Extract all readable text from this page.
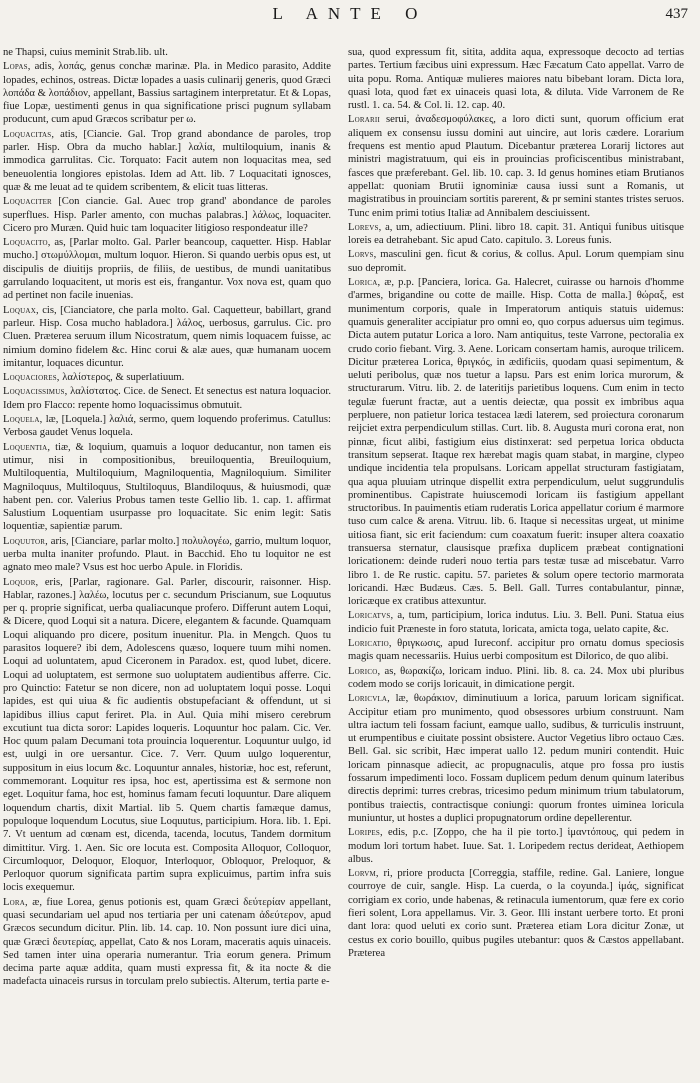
L ANTE O	437

ne Thapsi, cuius meminit Strab.lib. ult.

Lopas, adis, λοπάς, genus conchæ marinæ. Pla. in Medico parasito, Addite lopades, echinos, ostreas. Dictæ lopades a uasis culinarij generis, quod Græci λοπάδα & λοπάδιον, appellant, Bassius sartaginem interpretatur. Et & Lopas, fiue Lopæ, uestimenti genus in qua significatione prisci pugnum syllabam producunt, cum apud Græcos scribatur per ω.

Loquacitas, atis, [Ciancie. Gal. Trop grand abondance de paroles, trop parler. Hisp. Obra da mucho hablar.] λαλία, multiloquium, inanis & immodica garrulitas. Cic. Torquato: Facit autem non loquacitas mea, sed beneuolentia longiores epistolas. Idem ad Att. lib. 7 Loquacitati ignosces, quæ & me leuat ad te quidem scribentem, & elicit tuas litteras.

Loquaciter [Con ciancie. Gal. Auec trop grand' abondance de paroles superflues. Hisp. Parler amento, con muchas palabras.] λάλως, loquaciter. Cicero pro Muræn. Quid huic tam loquaciter litigioso respondeatur ille?

Loquacito, as, [Parlar molto. Gal. Parler beancoup, caquetter. Hisp. Hablar mucho.] στωμύλλομαι, multum loquor. Hieron. Si quando uerbis opus est, ut discipulis de diuitijs propriis, de filiis, de uestibus, de mundi uanitatibus garrulando loquacitent, ut moris est eis, frangantur. Vox nova est, quam quo ad pertinet non facile inuenias.

Loquax, cis, [Cianciatore, che parla molto. Gal. Caquetteur, babillart, grand parleur. Hisp. Cosa mucho habladora.] λάλος, uerbosus, garrulus. Cic. pro Cluen. Præterea seruum illum Nicostratum, quem nimis loquacem fuisse, ac nimium domino fidelem &c. Hinc corui & alæ aues, quæ humanam uocem imitantur, loquaces dicuntur.

Loquaciores, λαλίστερος, & superlatiuum.

Loquacissimus, λαλίστατος. Cice. de Senect. Et senectus est natura loquacior. Idem pro Flacco: repente homo loquacissimus obmutuit.

Loquela, læ, [Loquela.] λαλιά, sermo, quem loquendo proferimus. Catullus: Verbosa gaudet Venus loquela.

Loquentia, tiæ, & loquium, quamuis a loquor deducantur, non tamen eis utimur, nisi in compositionibus, breuiloquentia, Breuiloquium, Multiloquentia, Multiloquium, Magniloquentia, Magniloquium. Similiter Magniloquus, Multiloquus, Stultiloquus, Blandiloquus, & huiusmodi, quæ habent pen. cor. Valerius Probus tamen teste Gellio lib. 1. cap. 1. affirmat Salustium Loquentiam usurpasse pro loquacitate. Sic enim legit: Satis loquentiæ, sapientiæ parum.

Loquutor, aris, [Cianciare, parlar molto.] πολυλογέω, garrio, multum loquor, uerba multa inaniter profundo. Plaut. in Bacchid. Eho tu loquitor ne est agnato meo male? Vsus est hoc uerbo Apule. in Floridis.

Loquor, eris, [Parlar, ragionare. Gal. Parler, discourir, raisonner. Hisp. Hablar, razones.] λαλέω, locutus per c. secundum Priscianum, sue Loquutus per q. proprie significat, uerba qualiacunque profero. Differunt autem Loqui, & Dicere, quod Loqui sit a natura. Dicere, elegantem & facunde. Quamquam Loqui aliquando pro dicere, positum inuenitur. Pla. in Mengch. Quos tu parasitos loquere? ibi dem, Adolescens quæso, loquere tuum mihi nomen. Loqui ad uoluntatem, apud Ciceronem in Paradox. est, quod lubet, dicere. Loqui ad uoluptatem, est sermone suo uoluptatem audientibus afferre. Cic. pro Quinctio: Fatetur se non dicere, non ad uoluptatem loqui posse. Loqui lapides, est qui uiua & fic audientis obstupefaciant & offendunt, ut si lapidibus illius caput feriret. Pla. in Aul. Quia mihi misero cerebrum excutiunt tua dicta soror: Lapides loqueris. Loquuntur hoc palam. Cic. Ver. Hoc quum palam Decumani tota prouincia loquerentur. Loquuntur uulgo, id est, uulgi in ore uersantur. Cice. 7. Verr. Quum uulgo loquerentur, suppositum in eius locum &c. Loquuntur annales, historiæ, hoc est, referunt, commemorant. Loquitur res ipsa, hoc est, apertissima est & sermone non eget. Loquitur fama, hoc est, hominus famam fecuti loquuntur. Dare aliquem loquendum chartis, dixit Martial. lib 5. Quem chartis famæque damus, populoque loquendum Locutus, siue Loquutus, participium. Hora. lib. 1. Epi. 7. Vt uentum ad cœnam est, dicenda, tacenda, locutus, Tandem dormitum dimittitur. Virg. 1. Aen. Sic ore locuta est. Composita Alloquor, Colloquor, Circumloquor, Deloquor, Eloquor, Interloquor, Obloquor, Preloquor, & Perloquor quorum significata partim supra explicuimus, partim infra suis locis exequemur.

Lora, æ, fiue Lorea, genus potionis est, quam Græci δεύτερίαν appellant, quasi secundariam uel apud nos tertiaria per uni catenam ἀδεύτερον, apud Græcos secundum dicitur. Plin. lib. 14. cap. 10. Non possunt iure dici uina, quæ Græci δευτερίας, appellat, Cato & nos Loram, maceratis aquis uinaceis. Sed tamen inter uina operaria numerantur. Tria eorum genera. Primum decima parte aquæ addita, quam musti expressa fit, & ita nocte & die madefacta uinaceis rursus in torculam prelo subiectis. Alterum, tertia parte e-

sua, quod expressum fit, sitita, addita aqua, expressoque decocto ad tertias partes. Tertium fæcibus uini expressum. Hæc Fæcatum Cato appellat. Varro de uita popu. Roma. Antiquæ mulieres maiores natu bibebant loram. Dicta lora, quasi lota, quod fæt ex uinaceis quasi lota, & diluta. Vide Varronem de Re rustl. 1. ca. 54. & Col. li. 12. cap. 40.

Lorarii serui, ἀναδεσμοφύλακες, a loro dicti sunt, quorum officium erat aliquem ex consensu iussu domini aut uincire, aut loris cædere. Lorarium frequens est mentio apud Plautum. Dicebantur præterea Lorarij lictores aut ministri magistratuum, qui eis in prouincias proficiscentibus ministrabant, fasces que præferebant. Gel. lib. 10. cap. 3. Id genus homines etiam Brutianos appellat: quoniam Brutii ignominiæ causa iussi sunt a Romanis, ut magistratibus in prouinciam sortitis parerent, & pr semini stantes tristes seruos. Tunc enim primi totius Italiæ ad Annibalem desciuissent.

Lorevs, a, um, adiectiuum. Plini. libro 18. capit. 31. Antiqui funibus uitisque loreis ea detrahebant. Sic apud Cato. capitulo. 3. Loreus funis.

Lorvs, masculini gen. ficut & corius, & collus. Apul. Lorum quempiam sinu suo depromit.

Lorica, æ, p.p. [Panciera, lorica. Ga. Halecret, cuirasse ou harnois d'homme d'armes, brigandine ou cotte de maille. Hisp. Cotta de malla.] θώραξ, est munimentum corporis, quale in Imperatorum antiquis statuis uidemus: quamuis generaliter accipiatur pro omni eo, quo corpus aduersus uim tegimus. Dicta autem putatur Lorica a loro. Nam antiquitus, teste Varrone, pectoralia ex crudo corio fiebant. Virg. 3. Aene. Loricam consertam hamis, auroque trilicem. Dicitur præterea Lorica, θριγκός, in ædificiis, quodam quasi sepimentum, & ueluti peribolus, quæ nos tuetur a lapsu. Pars est enim lorica murorum, & structurarum. Vitru. lib. 2. de lateritijs parietibus loquens. Cum enim in tecto tegulæ fuerunt fractæ, aut a uentis deiectæ, qua possit ex imbribus aqua perpluere, non patietur lorica testacea lædi laterem, sed proiectura coronarum reijciet extra perpendiculum stillas. Curt. lib. 8. Augusta muri corona erat, non pinnæ, ficut alibi, fastigium eius distinxerat: sed perpetua lorica obducta transitum sepserat. Itaque rex hærebat magis quam stabat, in margine, clypeo undique incidentia tela propulsans. Loricam appellat structuram fastigiatam, qua aqua pluuiam utrinque dispellit extra perpendiculum, uelut suggrundulis prominentibus. Capistrate huiuscemodi loricam iis fastigium appellant structoribus. In pauimentis etiam ruderatis Lorica appellatur corium é marmore tuso cum calce & arena. Vitruu. lib. 6. Itaque si necessitas urgeat, ut minime uitiosa fiant, sic erit faciendum: cum coaxatum fuerit: insuper altera coaxatio transuersa sternatur, clausisque præfixa duplicem præbeat contignationi loricationem: deinde ruderi nouo tertia pars testæ tusæ ad miscebatur. Varro libro 1. de Re rustic. capitu. 57. parietes & solum opere tectorio marmorata loricandi. Hæc Budæus. Cæs. 5. Bell. Gall. Turres contabulantur, pinnæ, loricæque ex cratibus attexuntur.

Loricatvs, a, tum, participium, lorica indutus. Liu. 3. Bell. Puni. Statua eius indicio fuit Præneste in foro statuta, loricata, amicta toga, uelato capite, &c.

Loricatio, θριγκωσις, apud Iureconf. accipitur pro ornatu domus speciosis magis quam necessariis. Huius uerbi compositum est Dilorico, de quo alibi.

Lorico, as, θωρακίζω, loricam induo. Plini. lib. 8. ca. 24. Mox ubi pluribus codem modo se corijs loricauit, in dimicatione pergit.

Loricvla, læ, θωράκιον, diminutiuum a lorica, paruum loricam significat. Accipitur etiam pro munimento, quod obsessores urbium construunt. Nam ultra iactum teli fossam faciunt, eamque uallo, sudibus, & turriculis instruunt, ut erumpentibus e ciuitate possint obsistere. Auctor Vegetius libro octauo Cæs. Bell. Gal. sic scribit, Hæc imperat uallo 12. pedum muniri contendit. Huic loricam pinnasque adiecit, ac propugnaculis, atque pro fossa pro iustis fossarum impedimenti loco. Fossam duplicem pedum denum quinum lateribus directis deprimi: turres crebras, tricesimo pedum minimum trium tabulatorum, pontibus traiectis, contractisque coniungi: quorum frontes uiminea loricula muniuntur, ut hostes a duplici propugnatorum ordine depellerentur.

Loripes, edis, p.c. [Zoppo, che ha il pie torto.] ἱμαντόπους, qui pedem in modum lori tortum habet. Iuue. Sat. 1. Loripedem rectus derideat, Aethiopem albus.

Lorvm, ri, priore producta [Correggia, staffile, redine. Gal. Laniere, longue courroye de cuir, sangle. Hisp. La cuerda, o la coyunda.] ἱμάς, significat corrigiam ex corio, unde habenas, & retinacula iumentorum, quæ fere ex corio fieri solent, Lora appellamus. Vir. 3. Geor. Illi instant uerbere torto. Et proni dant lora: quod ueluti ex corio sunt. Præterea etiam Lora dicitur Zonæ, ut cestus ex corio bouillo, quibus pugiles utebantur: quos & Cæstos appellabant. Præterea
